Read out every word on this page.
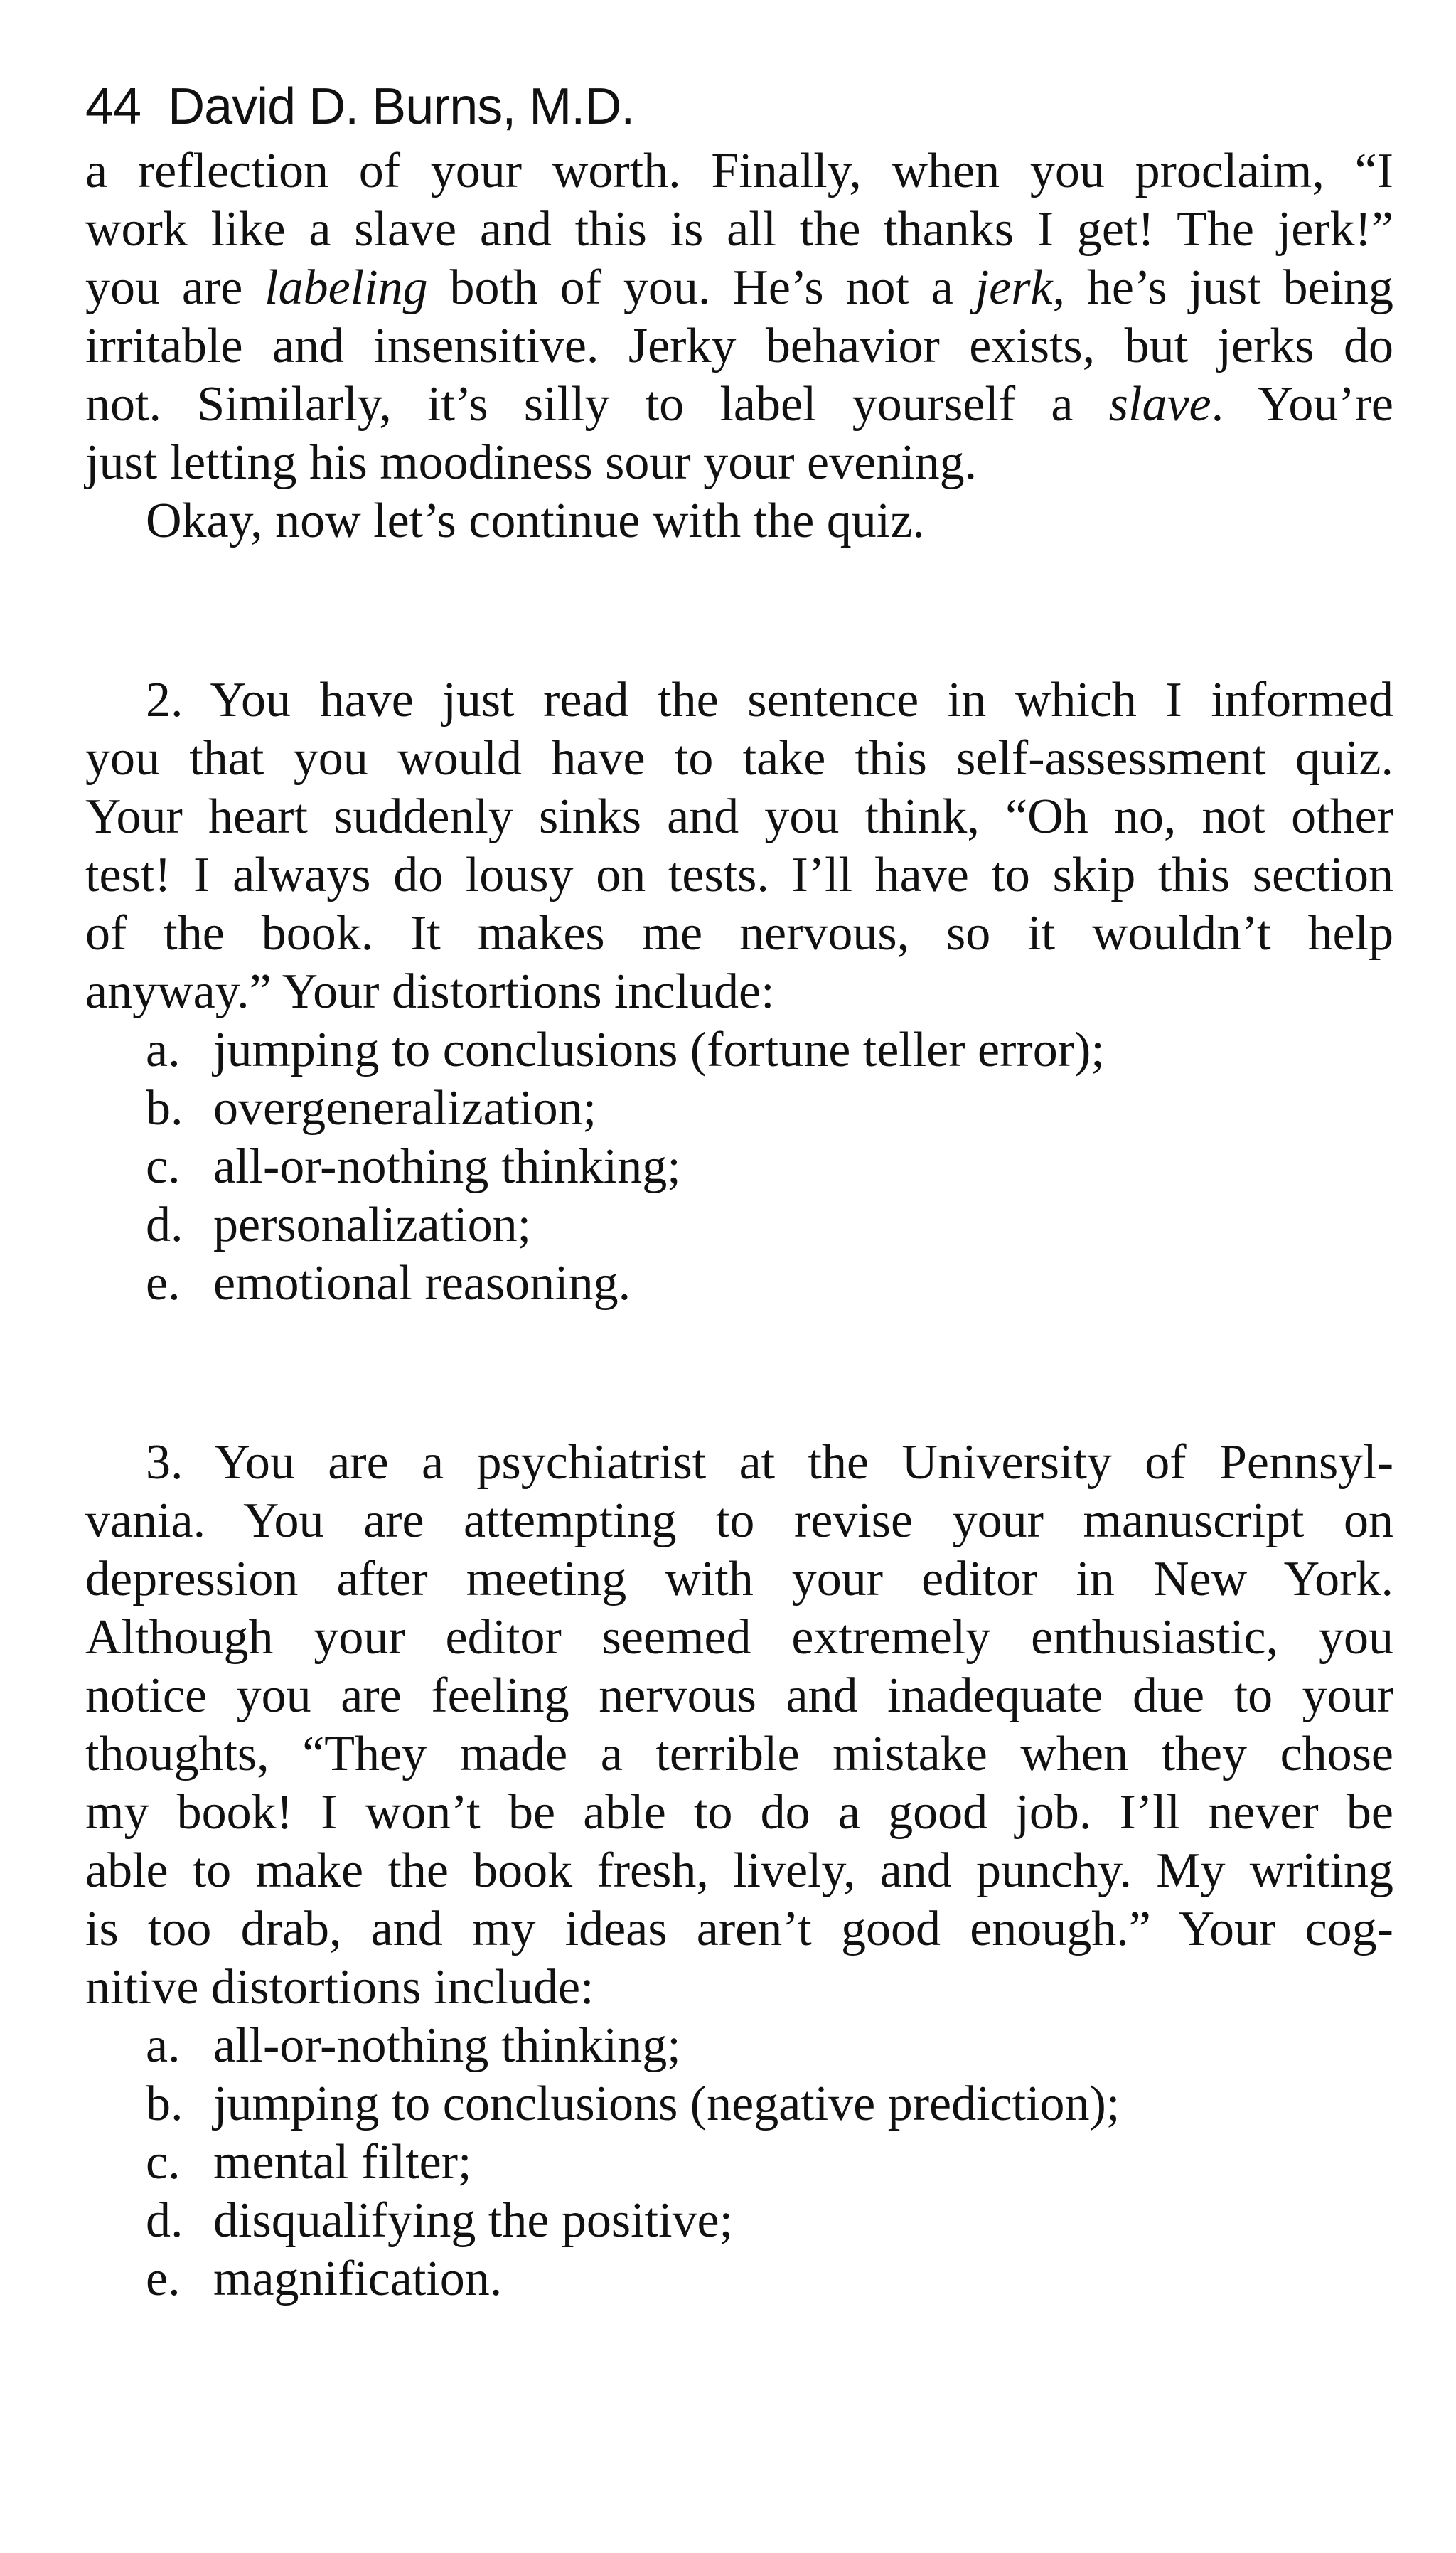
44 David D. Burns, M.D.
a reflection of your worth. Finally, when you proclaim, “I
work like a slave and this is all the thanks I get! The jerk!”
you are labeling both of you. He’s not a jerk, he’s just being
irritable and insensitive. Jerky behavior exists, but jerks do
not. Similarly, it’s silly to label yourself a slave. You’re
just letting his moodiness sour your evening.
Okay, now let’s continue with the quiz.
2. You have just read the sentence in which I informed
you that you would have to take this self-assessment quiz.
Your heart suddenly sinks and you think, “Oh no, not other
test! I always do lousy on tests. I’ll have to skip this section
of the book. It makes me nervous, so it wouldn’t help
anyway.” Your distortions include:
a. jumping to conclusions (fortune teller error);
b. overgeneralization;
c. all-or-nothing thinking;
d. personalization;
e. emotional reasoning.
3. You are a psychiatrist at the University of Pennsyl-
vania. You are attempting to revise your manuscript on
depression after meeting with your editor in New York.
Although your editor seemed extremely enthusiastic, you
notice you are feeling nervous and inadequate due to your
thoughts, “They made a terrible mistake when they chose
my book! I won’t be able to do a good job. I’ll never be
able to make the book fresh, lively, and punchy. My writing
is too drab, and my ideas aren’t good enough.” Your cog-
nitive distortions include:
a. all-or-nothing thinking;
b. jumping to conclusions (negative prediction);
c. mental filter;
d. disqualifying the positive;
e. magnification.
